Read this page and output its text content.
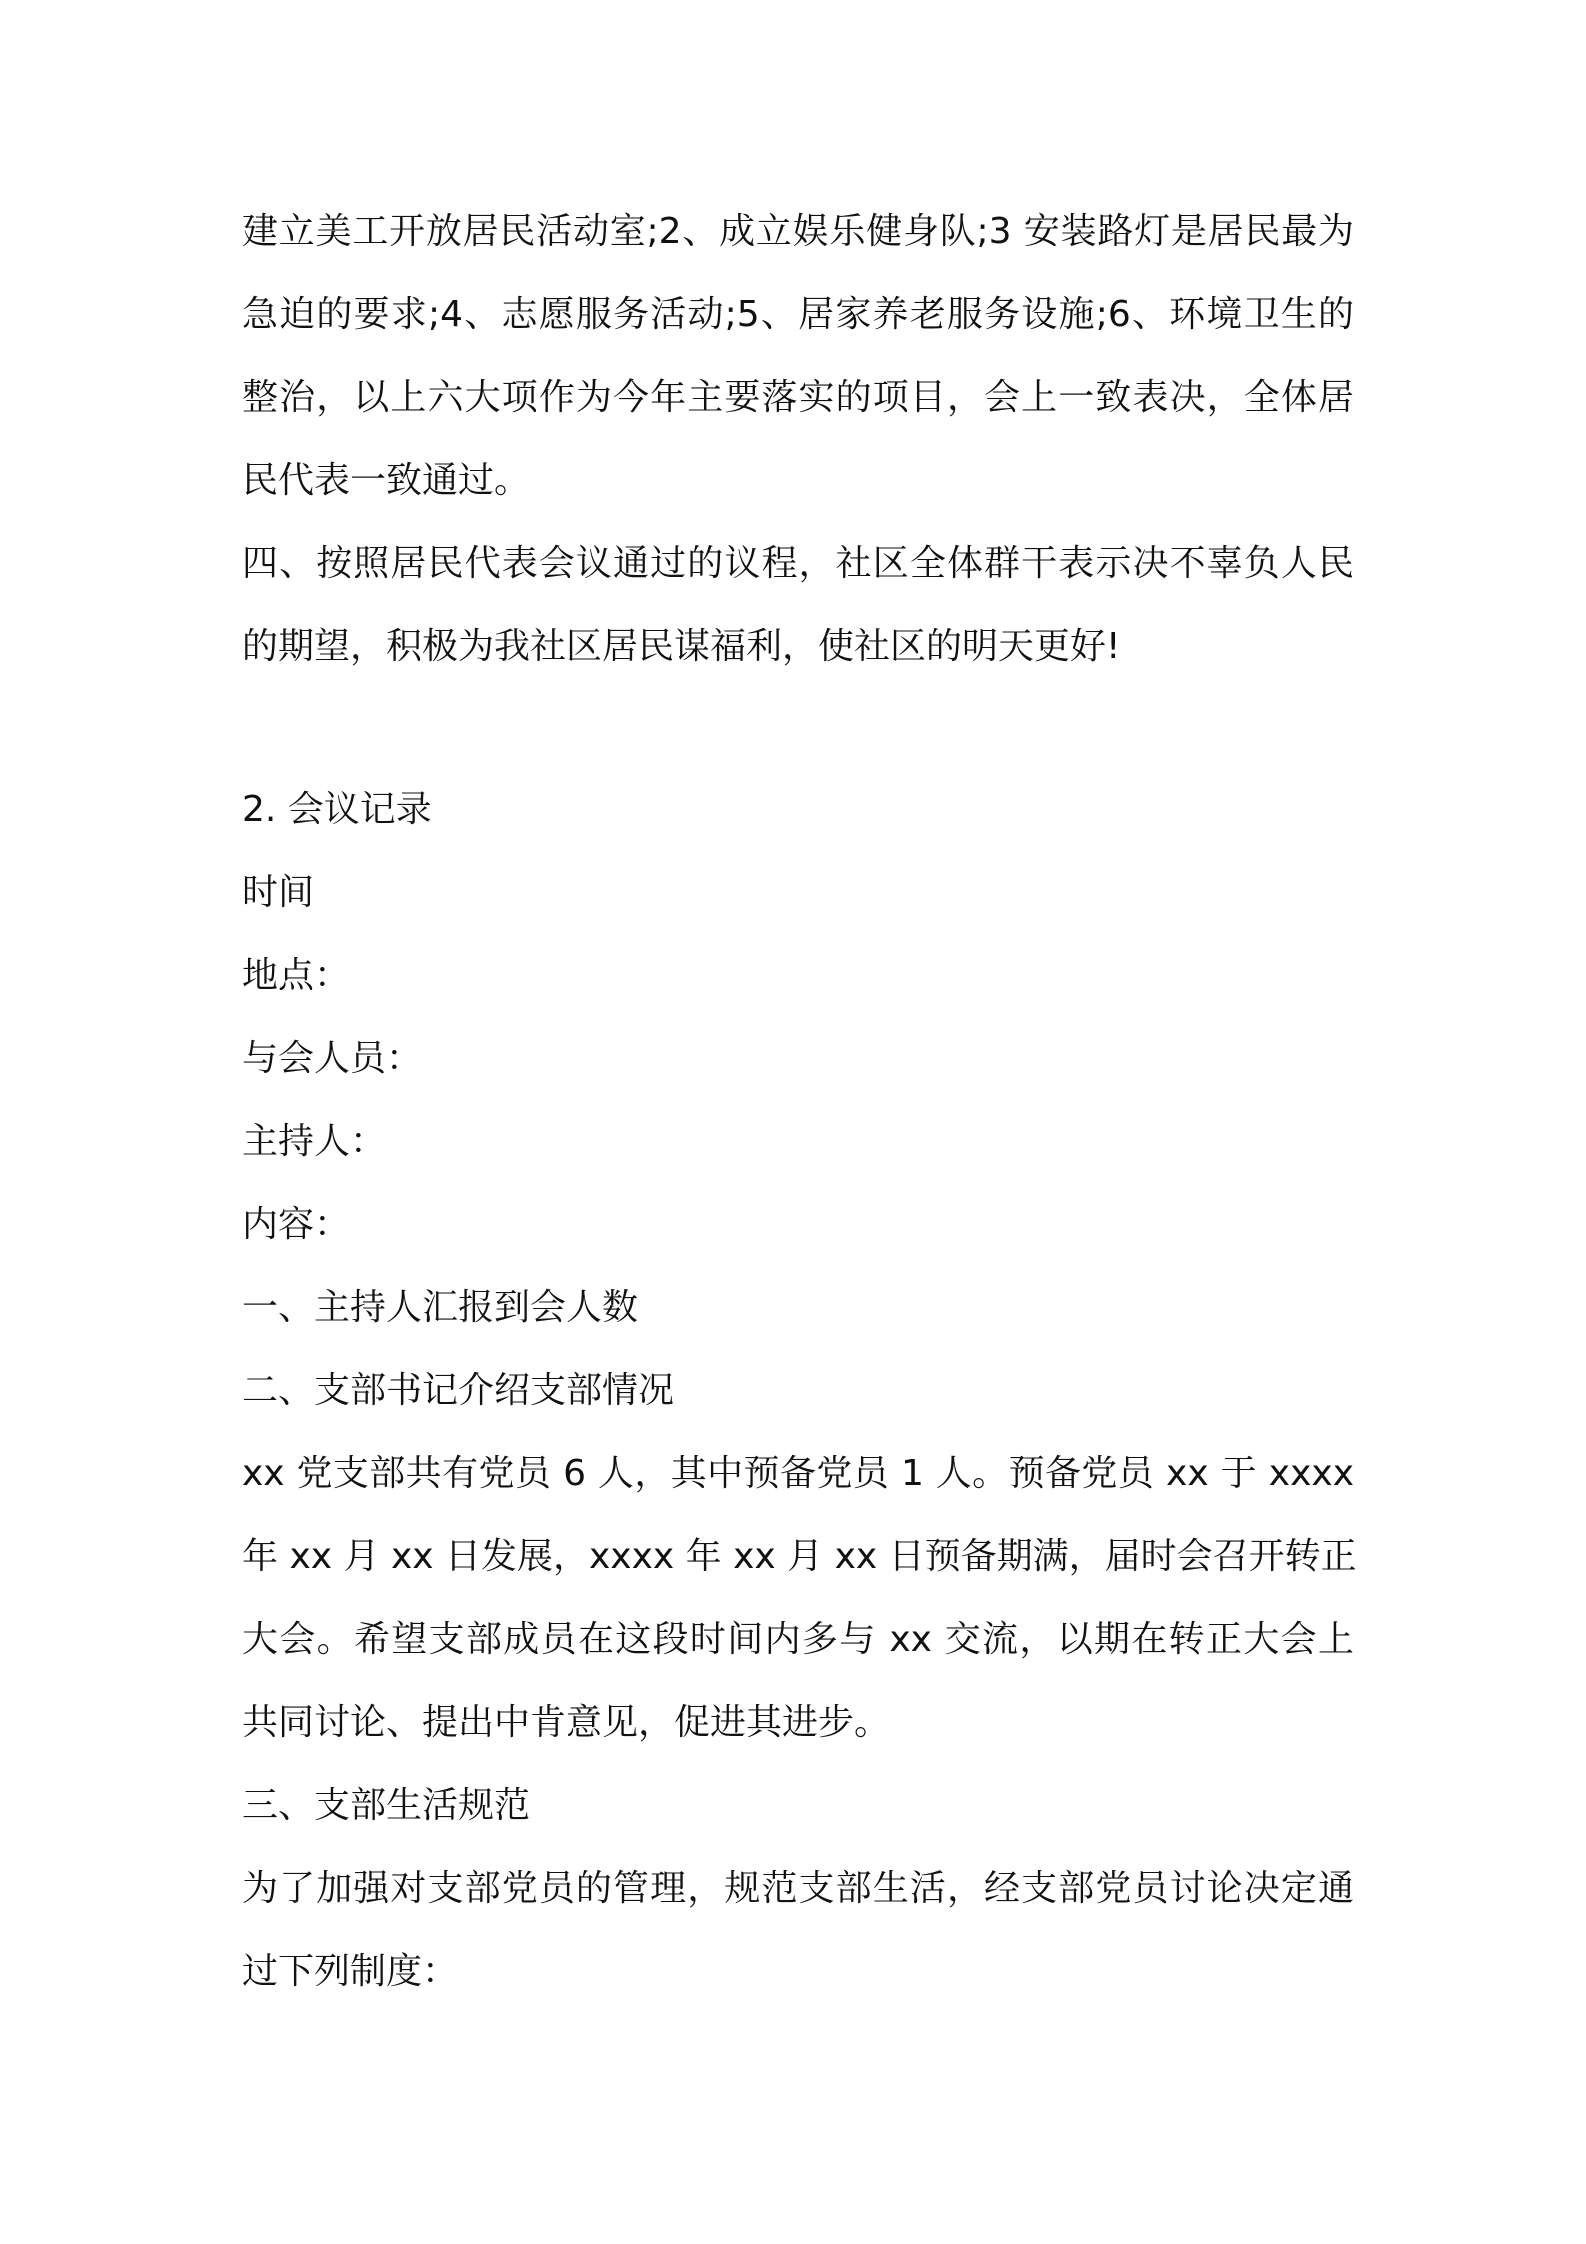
建立美工开放居民活动室;2、成立娱乐健身队;3 安装路灯是居民最为
急迫的要求;4、志愿服务活动;5、居家养老服务设施;6、环境卫生的
整治，以上六大项作为今年主要落实的项目，会上一致表决，全体居
民代表一致通过。
四、按照居民代表会议通过的议程，社区全体群干表示决不辜负人民
的期望，积极为我社区居民谋福利，使社区的明天更好!
2. 会议记录
时间
地点：
与会人员：
主持人：
内容：
一、主持人汇报到会人数
二、支部书记介绍支部情况
xx 党支部共有党员 6 人，其中预备党员 1 人。预备党员 xx 于 xxxx
年 xx 月 xx 日发展，xxxx 年 xx 月 xx 日预备期满，届时会召开转正
大会。希望支部成员在这段时间内多与 xx 交流，以期在转正大会上
共同讨论、提出中肯意见，促进其进步。
三、支部生活规范
为了加强对支部党员的管理，规范支部生活，经支部党员讨论决定通
过下列制度：
